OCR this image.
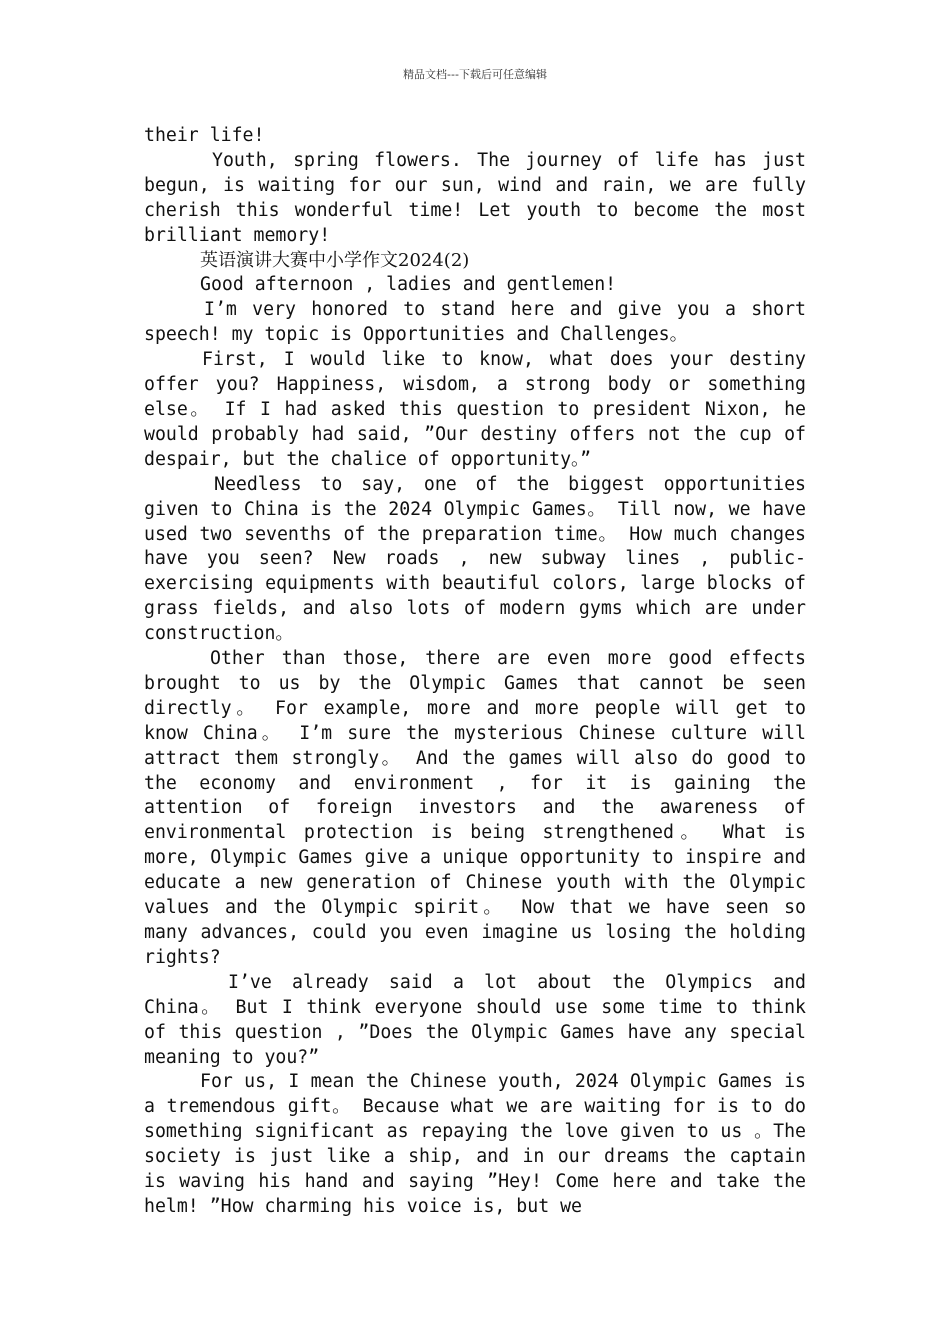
精品文档---下载后可任意编辑

their life!

Youth, spring flowers. The journey of life has just begun, is waiting for our sun, wind and rain, we are fully cherish this wonderful time! Let youth to become the most brilliant memory!

英语演讲大赛中小学作文2024(2)

Good afternoon , ladies and gentlemen!

I’m very honored to stand here and give you a short speech! my topic is Opportunities and Challenges。

First, I would like to know, what does your destiny offer you? Happiness, wisdom, a strong body or something else。 If I had asked this question to president Nixon, he would probably had said, ”Our destiny offers not the cup of despair, but the chalice of opportunity。”

Needless to say, one of the biggest opportunities given to China is the 2024 Olympic Games。 Till now, we have used two sevenths of the preparation time。 How much changes have you seen? New roads , new subway lines , public-exercising equipments with beautiful colors, large blocks of grass fields, and also lots of modern gyms which are under construction。

Other than those, there are even more good effects brought to us by the Olympic Games that cannot be seen directly。 For example, more and more people will get to know China。 I’m sure the mysterious Chinese culture will attract them strongly。 And the games will also do good to the economy and environment , for it is gaining the attention of foreign investors and the awareness of environmental protection is being strengthened。 What is more, Olympic Games give a unique opportunity to inspire and educate a new generation of Chinese youth with the Olympic values and the Olympic spirit。 Now that we have seen so many advances, could you even imagine us losing the holding rights?

I’ve already said a lot about the Olympics and China。 But I think everyone should use some time to think of this question , ”Does the Olympic Games have any special meaning to you?”

For us, I mean the Chinese youth, 2024 Olympic Games is a tremendous gift。 Because what we are waiting for is to do something significant as repaying the love given to us 。The society is just like a ship, and in our dreams the captain is waving his hand and saying ”Hey! Come here and take the helm! ”How charming his voice is, but we
